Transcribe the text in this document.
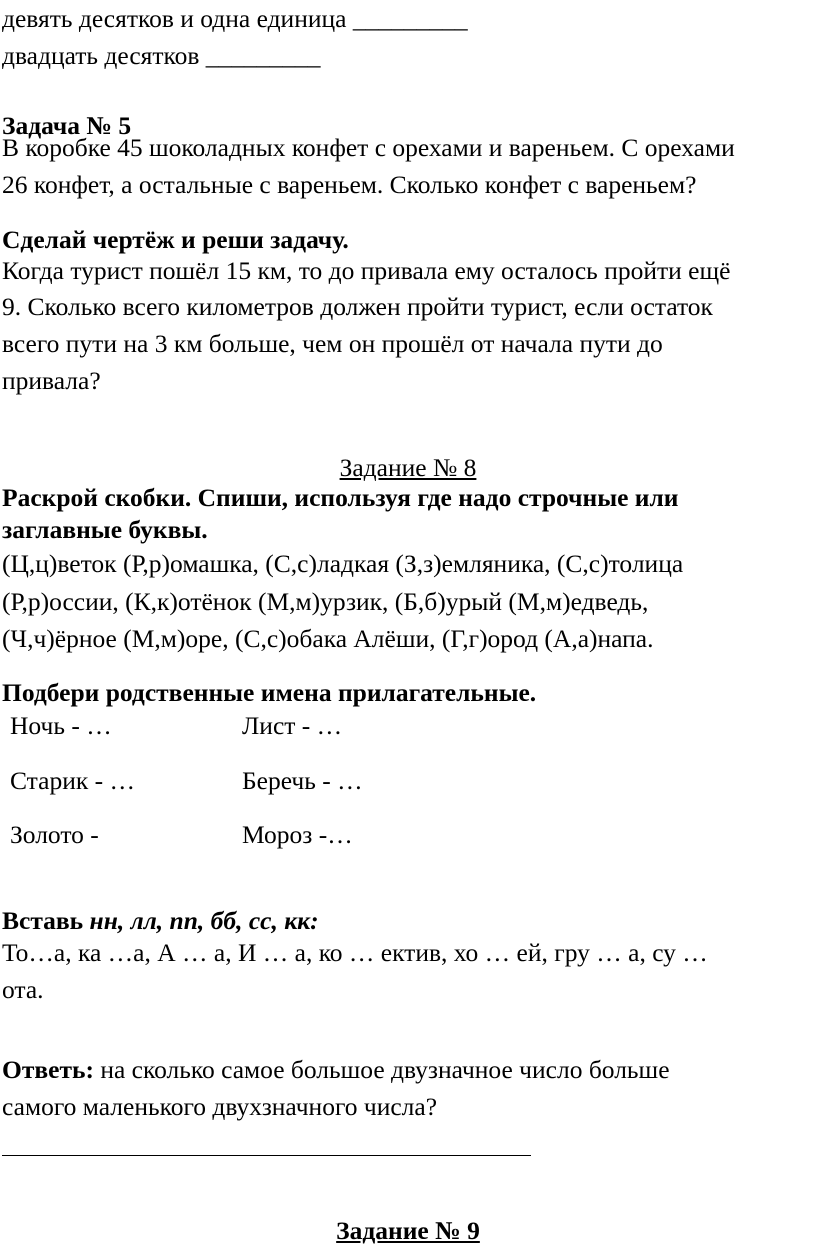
девять десятков и одна единица _________
двадцать десятков _________
Задача № 5
В коробке 45 шоколадных конфет с орехами и вареньем. С орехами
26 конфет, а остальные с вареньем. Сколько конфет с вареньем?
Сделай чертёж и реши задачу.
Когда турист пошёл 15 км, то до привала ему осталось пройти ещё
9. Сколько всего километров должен пройти турист, если остаток
всего пути на 3 км больше, чем он прошёл от начала пути до
привала?
Задание № 8
Раскрой скобки. Спиши, используя где надо строчные или
заглавные буквы.
(Ц,ц)веток (Р,р)омашка, (С,с)ладкая (З,з)емляника, (С,с)толица
(Р,р)оссии, (К,к)отёнок (М,м)урзик, (Б,б)урый (М,м)едведь,
(Ч,ч)ёрное (М,м)оре, (С,с)обака Алёши, (Г,г)ород (А,а)напа.
Подбери родственные имена прилагательные.
Ночь - …	Лист - …
Старик - …	Беречь - …
Золото -	Мороз -…
Вставь нн, лл, пп, бб, сс, кк:
То…а, ка …а, А … а, И … а, ко … ектив, хо … ей, гру … а, су …
ота.
Ответь: на сколько самое большое двузначное число больше
самого маленького двухзначного числа?
Задание № 9
